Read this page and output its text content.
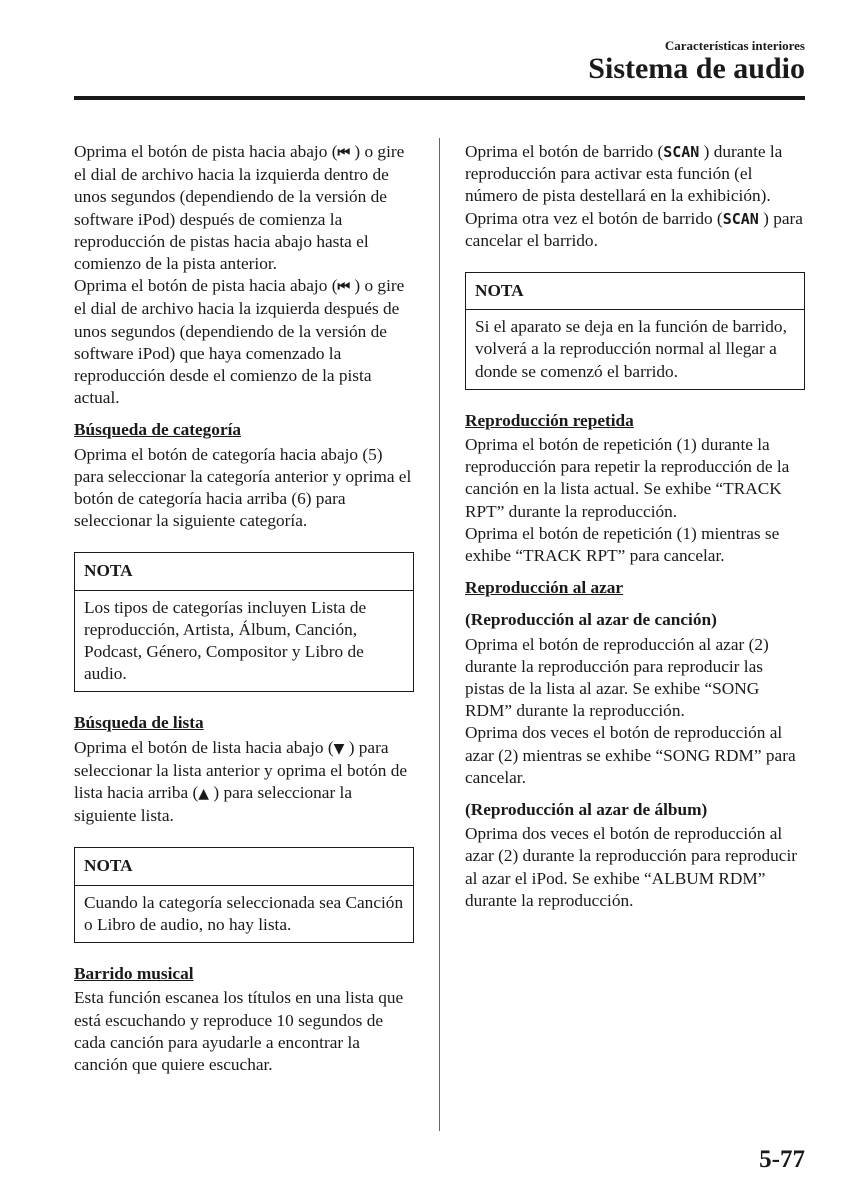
Características interiores
Sistema de audio

Oprima el botón de pista hacia abajo (⏮ ) o gire el dial de archivo hacia la izquierda dentro de unos segundos (dependiendo de la versión de software iPod) después de comienza la reproducción de pistas hacia abajo hasta el comienzo de la pista anterior.

Oprima el botón de pista hacia abajo (⏮ ) o gire el dial de archivo hacia la izquierda después de unos segundos (dependiendo de la versión de software iPod) que haya comenzado la reproducción desde el comienzo de la pista actual.

Búsqueda de categoría

Oprima el botón de categoría hacia abajo (5) para seleccionar la categoría anterior y oprima el botón de categoría hacia arriba (6) para seleccionar la siguiente categoría.

NOTA
Los tipos de categorías incluyen Lista de reproducción, Artista, Álbum, Canción, Podcast, Género, Compositor y Libro de audio.

Búsqueda de lista

Oprima el botón de lista hacia abajo (▼ ) para seleccionar la lista anterior y oprima el botón de lista hacia arriba (▲ ) para seleccionar la siguiente lista.

NOTA
Cuando la categoría seleccionada sea Canción o Libro de audio, no hay lista.

Barrido musical

Esta función escanea los títulos en una lista que está escuchando y reproduce 10 segundos de cada canción para ayudarle a encontrar la canción que quiere escuchar.

Oprima el botón de barrido (SCAN ) durante la reproducción para activar esta función (el número de pista destellará en la exhibición). Oprima otra vez el botón de barrido (SCAN ) para cancelar el barrido.

NOTA
Si el aparato se deja en la función de barrido, volverá a la reproducción normal al llegar a donde se comenzó el barrido.

Reproducción repetida

Oprima el botón de repetición (1) durante la reproducción para repetir la reproducción de la canción en la lista actual. Se exhibe “TRACK RPT” durante la reproducción.

Oprima el botón de repetición (1) mientras se exhibe “TRACK RPT” para cancelar.

Reproducción al azar

(Reproducción al azar de canción)

Oprima el botón de reproducción al azar (2) durante la reproducción para reproducir las pistas de la lista al azar. Se exhibe “SONG RDM” durante la reproducción.

Oprima dos veces el botón de reproducción al azar (2) mientras se exhibe “SONG RDM” para cancelar.

(Reproducción al azar de álbum)

Oprima dos veces el botón de reproducción al azar (2) durante la reproducción para reproducir al azar el iPod. Se exhibe “ALBUM RDM” durante la reproducción.

5-77
